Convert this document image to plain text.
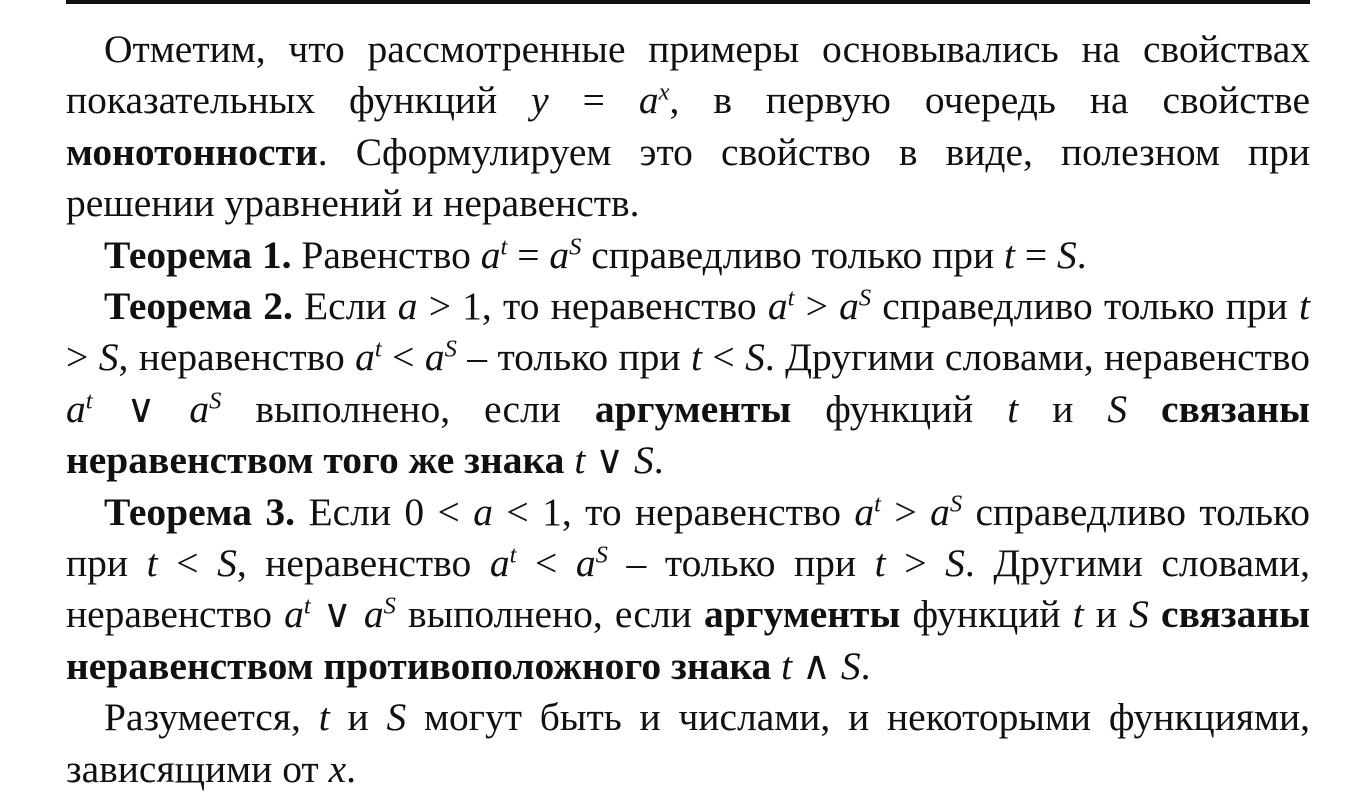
Отметим, что рассмотренные примеры основывались на свойствах показательных функций $y = a^x$, в первую очередь на свойстве монотонности. Сформулируем это свойство в виде, полезном при решении уравнений и неравенств.

Теорема 1. Равенство $a^t = a^S$ справедливо только при t = S.

Теорема 2. Если a > 1, то неравенство $a^t > a^S$ справедливо только при t > S, неравенство $a^t < a^S$ – только при t < S. Другими словами, неравенство $a^t$ ∨ $a^S$ выполнено, если аргументы функций t и S связаны неравенством того же знака t ∨ S.

Теорема 3. Если 0 < a < 1, то неравенство $a^t > a^S$ справедливо только при t < S, неравенство $a^t < a^S$ – только при t > S. Другими словами, неравенство $a^t$ ∨ $a^S$ выполнено, если аргументы функций t и S связаны неравенством противоположного знака t ∧ S.

Разумеется, t и S могут быть и числами, и некоторыми функциями, зависящими от x.
